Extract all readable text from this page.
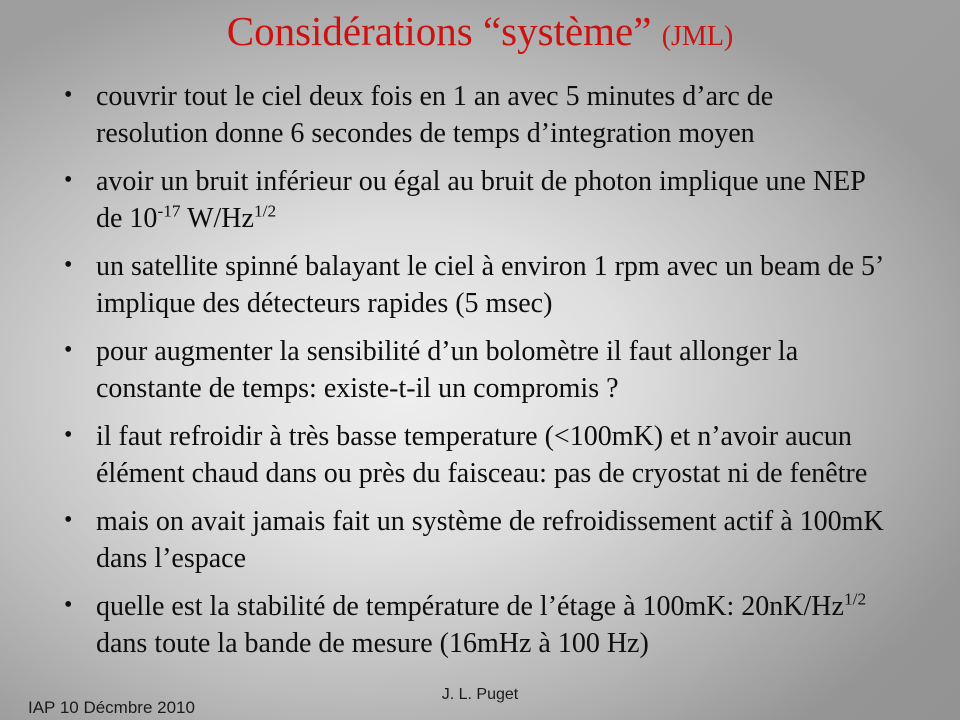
Considérations “système” (JML)
• couvrir tout le ciel deux fois en 1 an avec 5 minutes d’arc de resolution donne 6 secondes de temps d’integration moyen
• avoir un bruit inférieur ou égal au bruit de photon implique une NEP de $10^{-17}$ $W/Hz^{1/2}$
• un satellite spinné balayant le ciel à environ 1 rpm avec un beam de 5’ implique des détecteurs rapides (5 msec)
• pour augmenter la sensibilité d’un bolomètre il faut allonger la constante de temps: existe-t-il un compromis ?
• il faut refroidir à très basse temperature (<100mK) et n’avoir aucun élément chaud dans ou près du faisceau: pas de cryostat ni de fenêtre
• mais on avait jamais fait un système de refroidissement actif à 100mK dans l’espace
• quelle est la stabilité de température de l’étage à 100mK: $20nK/Hz^{1/2}$ dans toute la bande de mesure (16mHz à 100 Hz)
IAP 10 Décmbre 2010
J. L. Puget
